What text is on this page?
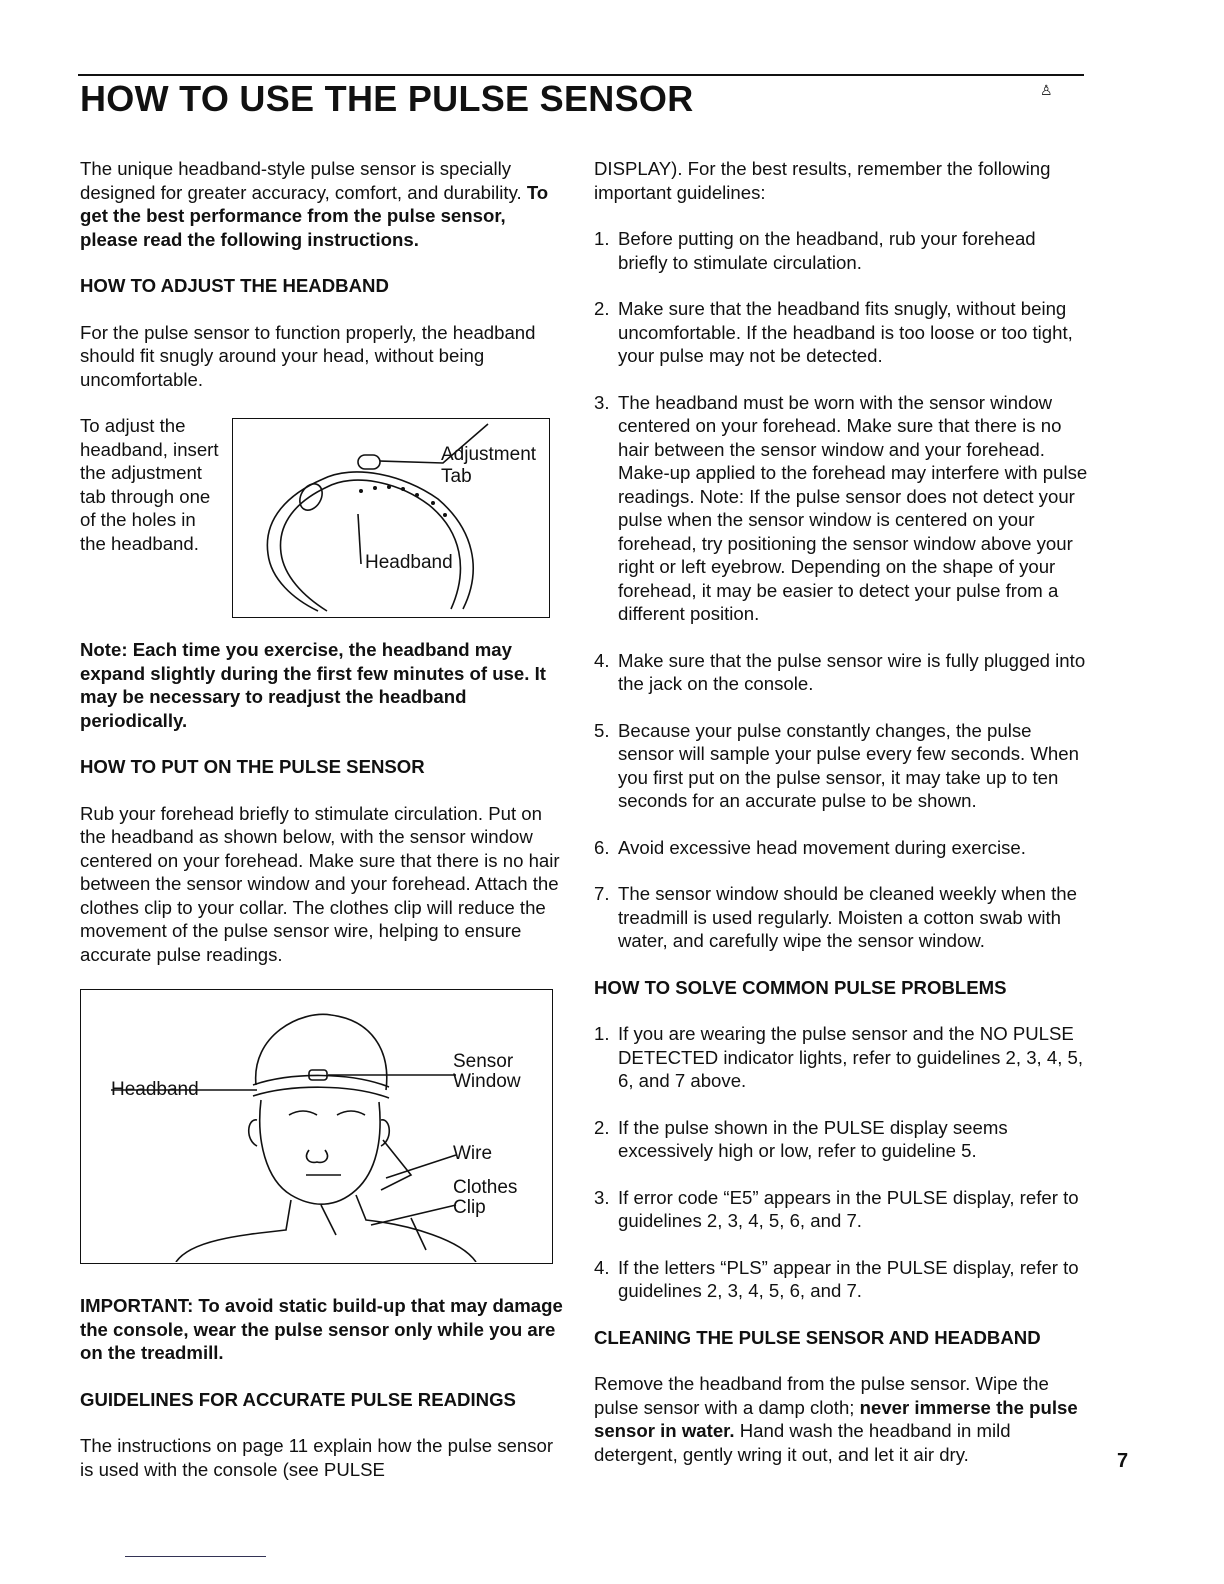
HOW TO USE THE PULSE SENSOR	♙

The unique headband-style pulse sensor is specially designed for greater accuracy, comfort, and durability. To get the best performance from the pulse sensor, please read the following instructions.

HOW TO ADJUST THE HEADBAND

For the pulse sensor to function properly, the headband should fit snugly around your head, without being uncomfortable.

To adjust the headband, insert the adjustment tab through one of the holes in the headband.
Adjustment
Tab
Headband

Note: Each time you exercise, the headband may expand slightly during the first few minutes of use. It may be necessary to readjust the headband periodically.

HOW TO PUT ON THE PULSE SENSOR

Rub your forehead briefly to stimulate circulation. Put on the headband as shown below, with the sensor window centered on your forehead. Make sure that there is no hair between the sensor window and your forehead. Attach the clothes clip to your collar. The clothes clip will reduce the movement of the pulse sensor wire, helping to ensure accurate pulse readings.

Headband
Sensor
Window
Wire
Clothes
Clip

IMPORTANT: To avoid static build-up that may damage the console, wear the pulse sensor only while you are on the treadmill.

GUIDELINES FOR ACCURATE PULSE READINGS

The instructions on page 11 explain how the pulse sensor is used with the console (see PULSE

DISPLAY). For the best results, remember the following important guidelines:

1. Before putting on the headband, rub your forehead briefly to stimulate circulation.
2. Make sure that the headband fits snugly, without being uncomfortable. If the headband is too loose or too tight, your pulse may not be detected.
3. The headband must be worn with the sensor window centered on your forehead. Make sure that there is no hair between the sensor window and your forehead. Make-up applied to the forehead may interfere with pulse readings. Note: If the pulse sensor does not detect your pulse when the sensor window is centered on your forehead, try positioning the sensor window above your right or left eyebrow. Depending on the shape of your forehead, it may be easier to detect your pulse from a different position.
4. Make sure that the pulse sensor wire is fully plugged into the jack on the console.
5. Because your pulse constantly changes, the pulse sensor will sample your pulse every few seconds. When you first put on the pulse sensor, it may take up to ten seconds for an accurate pulse to be shown.
6. Avoid excessive head movement during exercise.
7. The sensor window should be cleaned weekly when the treadmill is used regularly. Moisten a cotton swab with water, and carefully wipe the sensor window.
HOW TO SOLVE COMMON PULSE PROBLEMS
1. If you are wearing the pulse sensor and the NO PULSE DETECTED indicator lights, refer to guidelines 2, 3, 4, 5, 6, and 7 above.
2. If the pulse shown in the PULSE display seems excessively high or low, refer to guideline 5.
3. If error code “E5” appears in the PULSE display, refer to guidelines 2, 3, 4, 5, 6, and 7.
4. If the letters “PLS” appear in the PULSE display, refer to guidelines 2, 3, 4, 5, 6, and 7.
CLEANING THE PULSE SENSOR AND HEADBAND

Remove the headband from the pulse sensor. Wipe the pulse sensor with a damp cloth; never immerse the pulse sensor in water. Hand wash the headband in mild detergent, gently wring it out, and let it air dry.	7
